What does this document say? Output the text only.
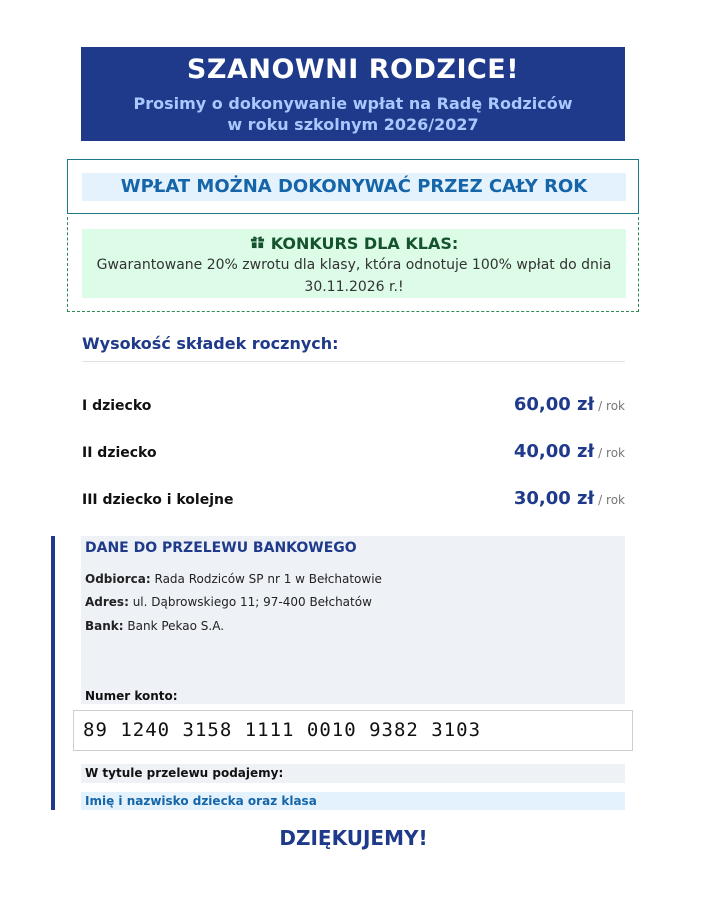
SZANOWNI RODZICE!
Prosimy o dokonywanie wpłat na Radę Rodziców
w roku szkolnym 2026/2027
WPŁAT MOŻNA DOKONYWAĆ PRZEZ CAŁY ROK
KONKURS DLA KLAS:
Gwarantowane 20% zwrotu dla klasy, która odnotuje 100% wpłat do dnia 30.11.2026 r.!
Wysokość składek rocznych:
I dziecko	60,00 zł / rok
II dziecko	40,00 zł / rok
III dziecko i kolejne	30,00 zł / rok
DANE DO PRZELEWU BANKOWEGO
Odbiorca: Rada Rodziców SP nr 1 w Bełchatowie
Adres: ul. Dąbrowskiego 11; 97-400 Bełchatów
Bank: Bank Pekao S.A.
Numer konto:
89 1240 3158 1111 0010 9382 3103
W tytule przelewu podajemy:
Imię i nazwisko dziecka oraz klasa
DZIĘKUJEMY!
